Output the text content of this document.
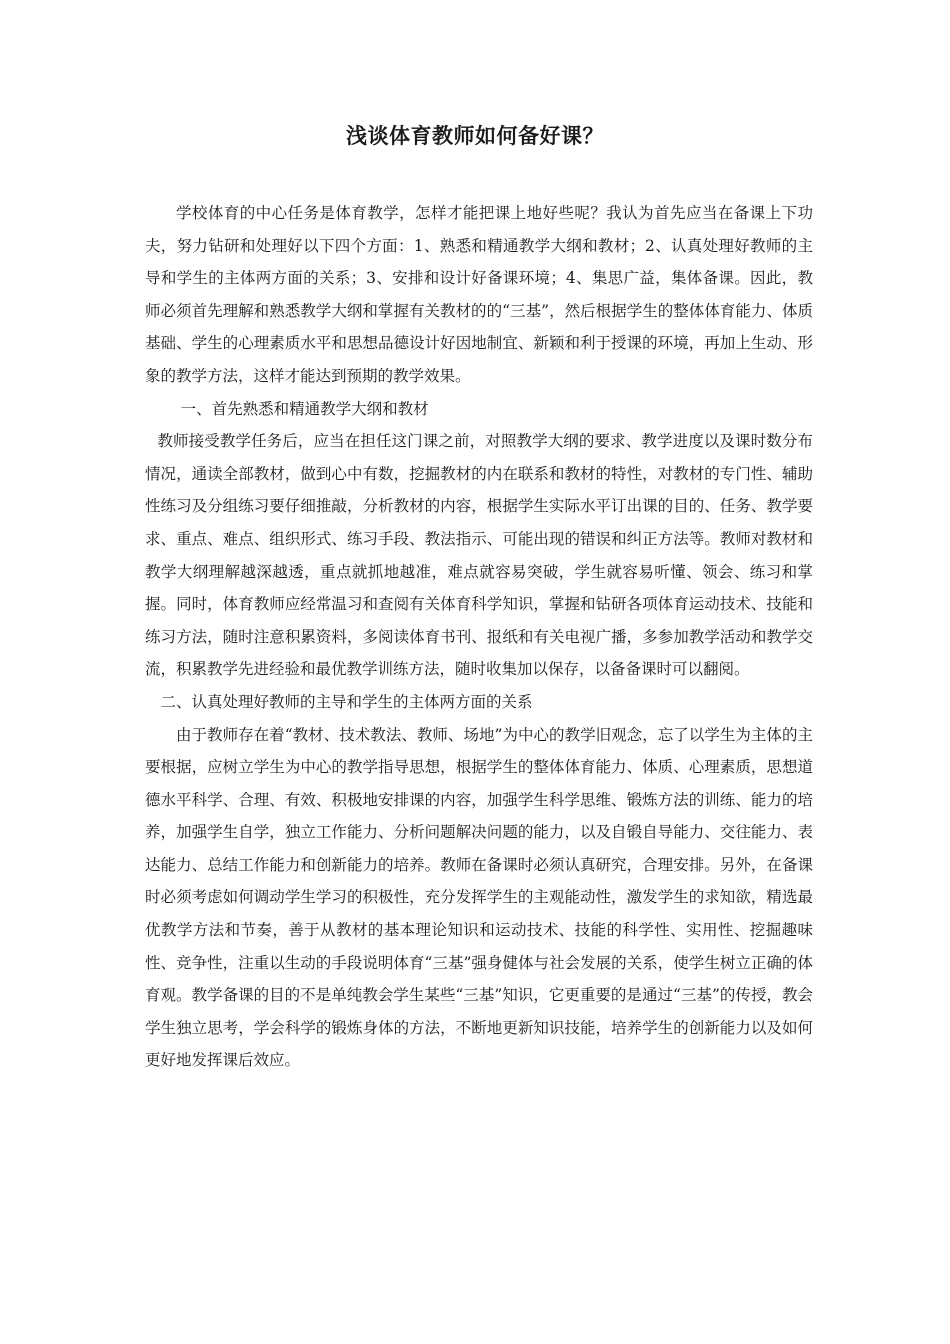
浅谈体育教师如何备好课？

学校体育的中心任务是体育教学，怎样才能把课上地好些呢？我认为首先应当在备课上下功夫，努力钻研和处理好以下四个方面：1、熟悉和精通教学大纲和教材；2、认真处理好教师的主导和学生的主体两方面的关系；3、安排和设计好备课环境；4、集思广益，集体备课。因此，教师必须首先理解和熟悉教学大纲和掌握有关教材的的“三基”，然后根据学生的整体体育能力、体质基础、学生的心理素质水平和思想品德设计好因地制宜、新颖和利于授课的环境，再加上生动、形象的教学方法，这样才能达到预期的教学效果。

一、首先熟悉和精通教学大纲和教材

教师接受教学任务后，应当在担任这门课之前，对照教学大纲的要求、教学进度以及课时数分布情况，通读全部教材，做到心中有数，挖掘教材的内在联系和教材的特性，对教材的专门性、辅助性练习及分组练习要仔细推敲，分析教材的内容，根据学生实际水平订出课的目的、任务、教学要求、重点、难点、组织形式、练习手段、教法指示、可能出现的错误和纠正方法等。教师对教材和教学大纲理解越深越透，重点就抓地越准，难点就容易突破，学生就容易听懂、领会、练习和掌握。同时，体育教师应经常温习和查阅有关体育科学知识，掌握和钻研各项体育运动技术、技能和练习方法，随时注意积累资料，多阅读体育书刊、报纸和有关电视广播，多参加教学活动和教学交流，积累教学先进经验和最优教学训练方法，随时收集加以保存，以备备课时可以翻阅。

二、认真处理好教师的主导和学生的主体两方面的关系

由于教师存在着“教材、技术教法、教师、场地”为中心的教学旧观念，忘了以学生为主体的主要根据，应树立学生为中心的教学指导思想，根据学生的整体体育能力、体质、心理素质，思想道德水平科学、合理、有效、积极地安排课的内容，加强学生科学思维、锻炼方法的训练、能力的培养，加强学生自学，独立工作能力、分析问题解决问题的能力，以及自锻自导能力、交往能力、表达能力、总结工作能力和创新能力的培养。教师在备课时必须认真研究，合理安排。另外，在备课时必须考虑如何调动学生学习的积极性，充分发挥学生的主观能动性，激发学生的求知欲，精选最优教学方法和节奏，善于从教材的基本理论知识和运动技术、技能的科学性、实用性、挖掘趣味性、竞争性，注重以生动的手段说明体育“三基”强身健体与社会发展的关系，使学生树立正确的体育观。教学备课的目的不是单纯教会学生某些“三基”知识，它更重要的是通过“三基”的传授，教会学生独立思考，学会科学的锻炼身体的方法，不断地更新知识技能，培养学生的创新能力以及如何更好地发挥课后效应。
